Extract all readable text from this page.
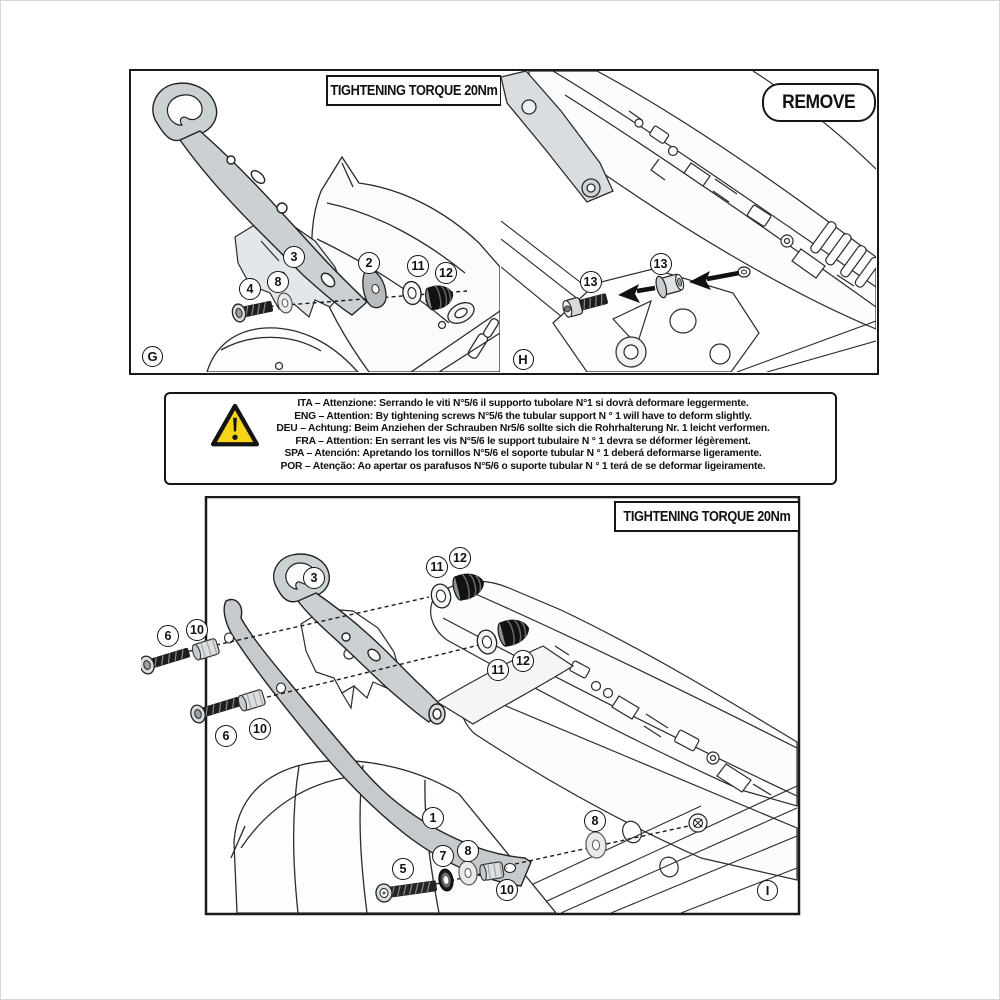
TIGHTENING TORQUE 20Nm
3	2
4 8
11 12
G
REMOVE
13
13
H
ITA – Attenzione: Serrando le viti N°5/6 il supporto tubolare N°1 si dovrà deformare leggermente.
ENG – Attention: By tightening screws N°5/6 the tubular support N ° 1 will have to deform slightly.
DEU – Achtung: Beim Anziehen der Schrauben Nr5/6 sollte sich die Rohrhalterung Nr. 1 leicht verformen.
FRA – Attention: En serrant les vis N°5/6 le support tubulaire N ° 1 devra se déformer légèrement.
SPA – Atención: Apretando los tornillos N°5/6 el soporte tubular N ° 1 deberá deformarse ligeramente.
POR – Atenção: Ao apertar os parafusos N°5/6 o suporte tubular N ° 1 terá de se deformar ligeiramente.
TIGHTENING TORQUE 20Nm
3
11
12
11
12
6 10
6 10
1
5
7 8
10
8
I
